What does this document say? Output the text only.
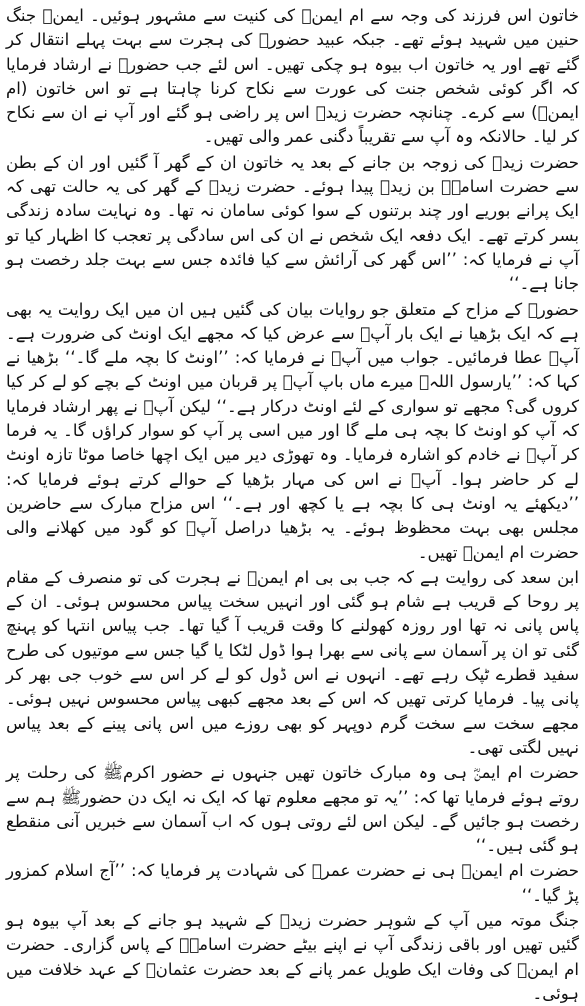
خاتون اس فرزند کی وجہ سے ام ایمنؓ کی کنیت سے مشہور ہوئیں۔ ایمنؓ جنگ حنین میں شہید ہوئے تھے۔ جبکہ عبید حضورﷺ کی ہجرت سے بہت پہلے انتقال کر گئے تھے اور یہ خاتون اب بیوہ ہو چکی تھیں۔ اس لئے جب حضورﷺ نے ارشاد فرمایا کہ اگر کوئی شخص جنت کی عورت سے نکاح کرنا چاہتا ہے تو اس خاتون (ام ایمنؓ) سے کرے۔ چنانچہ حضرت زیدؓ اس پر راضی ہو گئے اور آپ نے ان سے نکاح کر لیا۔ حالانکہ وہ آپ سے تقریباً دگنی عمر والی تھیں۔

حضرت زیدؓ کی زوجہ بن جانے کے بعد یہ خاتون ان کے گھر آ گئیں اور ان کے بطن سے حضرت اسامہؓ بن زیدؓ پیدا ہوئے۔ حضرت زیدؓ کے گھر کی یہ حالت تھی کہ ایک پرانے بوریے اور چند برتنوں کے سوا کوئی سامان نہ تھا۔ وہ نہایت سادہ زندگی بسر کرتے تھے۔ ایک دفعہ ایک شخص نے ان کی اس سادگی پر تعجب کا اظہار کیا تو آپ نے فرمایا کہ: ’’اس گھر کی آرائش سے کیا فائدہ جس سے بہت جلد رخصت ہو جانا ہے۔‘‘

حضورﷺ کے مزاح کے متعلق جو روایات بیان کی گئیں ہیں ان میں ایک روایت یہ بھی ہے کہ ایک بڑھیا نے ایک بار آپﷺ سے عرض کیا کہ مجھے ایک اونٹ کی ضرورت ہے۔ آپﷺ عطا فرمائیں۔ جواب میں آپﷺ نے فرمایا کہ: ’’اونٹ کا بچہ ملے گا۔‘‘ بڑھیا نے کہا کہ: ’’یارسول اللہﷺ میرے ماں باپ آپﷺ پر قربان میں اونٹ کے بچے کو لے کر کیا کروں گی؟ مجھے تو سواری کے لئے اونٹ درکار ہے۔‘‘ لیکن آپﷺ نے پھر ارشاد فرمایا کہ آپ کو اونٹ کا بچہ ہی ملے گا اور میں اسی پر آپ کو سوار کراؤں گا۔ یہ فرما کر آپﷺ نے خادم کو اشارہ فرمایا۔ وہ تھوڑی دیر میں ایک اچھا خاصا موٹا تازہ اونٹ لے کر حاضر ہوا۔ آپﷺ نے اس کی مہار بڑھیا کے حوالے کرتے ہوئے فرمایا کہ: ’’دیکھئے یہ اونٹ ہی کا بچہ ہے یا کچھ اور ہے۔‘‘ اس مزاح مبارک سے حاضرین مجلس بھی بہت محظوظ ہوئے۔ یہ بڑھیا دراصل آپﷺ کو گود میں کھلانے والی حضرت ام ایمنؓ تھیں۔

ابن سعد کی روایت ہے کہ جب بی بی ام ایمنؓ نے ہجرت کی تو منصرف کے مقام پر روحا کے قریب ہے شام ہو گئی اور انہیں سخت پیاس محسوس ہوئی۔ ان کے پاس پانی نہ تھا اور روزہ کھولنے کا وقت قریب آ گیا تھا۔ جب پیاس انتہا کو پہنچ گئی تو ان پر آسمان سے پانی سے بھرا ہوا ڈول لٹکا یا گیا جس سے موتیوں کی طرح سفید قطرے ٹپک رہے تھے۔ انہوں نے اس ڈول کو لے کر اس سے خوب جی بھر کر پانی پیا۔ فرمایا کرتی تھیں کہ اس کے بعد مجھے کبھی پیاس محسوس نہیں ہوئی۔ مجھے سخت سے سخت گرم دوپہر کو بھی روزے میں اس پانی پینے کے بعد پیاس نہیں لگتی تھی۔

حضرت ام ایمنؓ ہی وہ مبارک خاتون تھیں جنہوں نے حضور اکرمﷺ کی رحلت پر روتے ہوئے فرمایا تھا کہ: ’’یہ تو مجھے معلوم تھا کہ ایک نہ ایک دن حضورﷺ ہم سے رخصت ہو جائیں گے۔ لیکن اس لئے روتی ہوں کہ اب آسمان سے خبریں آنی منقطع ہو گئی ہیں۔‘‘

حضرت ام ایمنؓ ہی نے حضرت عمرؓ کی شہادت پر فرمایا کہ: ’’آج اسلام کمزور پڑ گیا۔‘‘

جنگ موتہ میں آپ کے شوہر حضرت زیدؓ کے شہید ہو جانے کے بعد آپ بیوہ ہو گئیں تھیں اور باقی زندگی آپ نے اپنے بیٹے حضرت اسامہؓ کے پاس گزاری۔ حضرت ام ایمنؓ کی وفات ایک طویل عمر پانے کے بعد حضرت عثمانؓ کے عہد خلافت میں ہوئی۔
